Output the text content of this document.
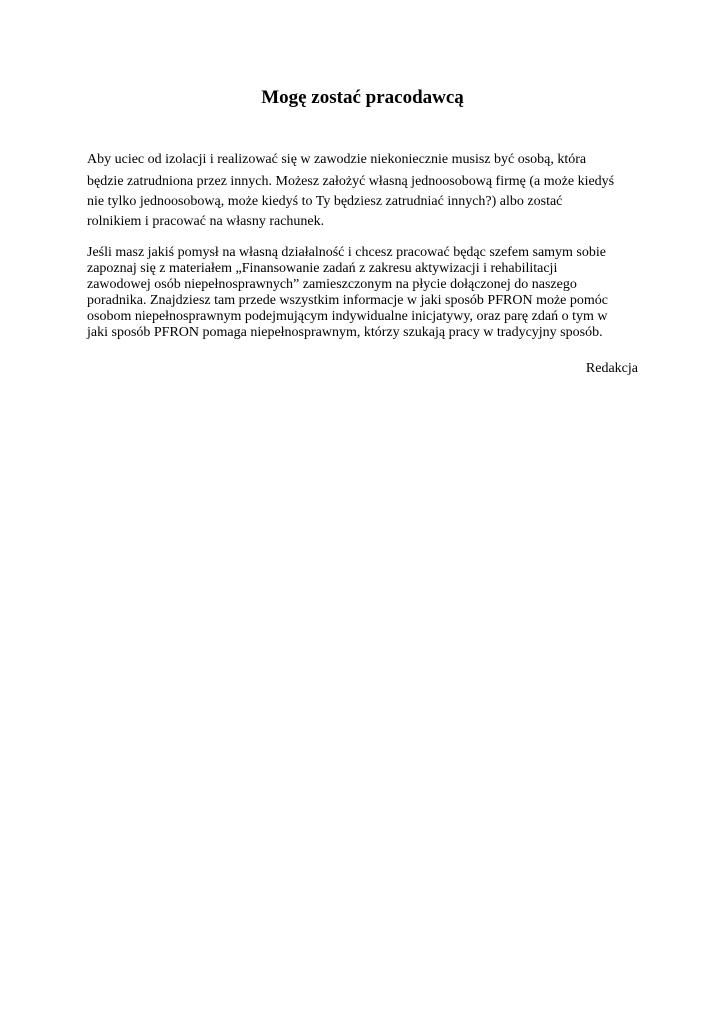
Mogę zostać pracodawcą
Aby uciec od izolacji i realizować się w zawodzie niekoniecznie musisz być osobą, która
będzie zatrudniona przez innych. Możesz założyć własną jednoosobową firmę (a może kiedyś
nie tylko jednoosobową, może kiedyś to Ty będziesz zatrudniać innych?) albo zostać
rolnikiem i pracować na własny rachunek.
Jeśli masz jakiś pomysł na własną działalność i chcesz pracować będąc szefem samym sobie
zapoznaj się z materiałem „Finansowanie zadań z zakresu aktywizacji i rehabilitacji
zawodowej osób niepełnosprawnych” zamieszczonym na płycie dołączonej do naszego
poradnika. Znajdziesz tam przede wszystkim informacje w jaki sposób PFRON może pomóc
osobom niepełnosprawnym podejmującym indywidualne inicjatywy, oraz parę zdań o tym w
jaki sposób PFRON pomaga niepełnosprawnym, którzy szukają pracy w tradycyjny sposób.
Redakcja
